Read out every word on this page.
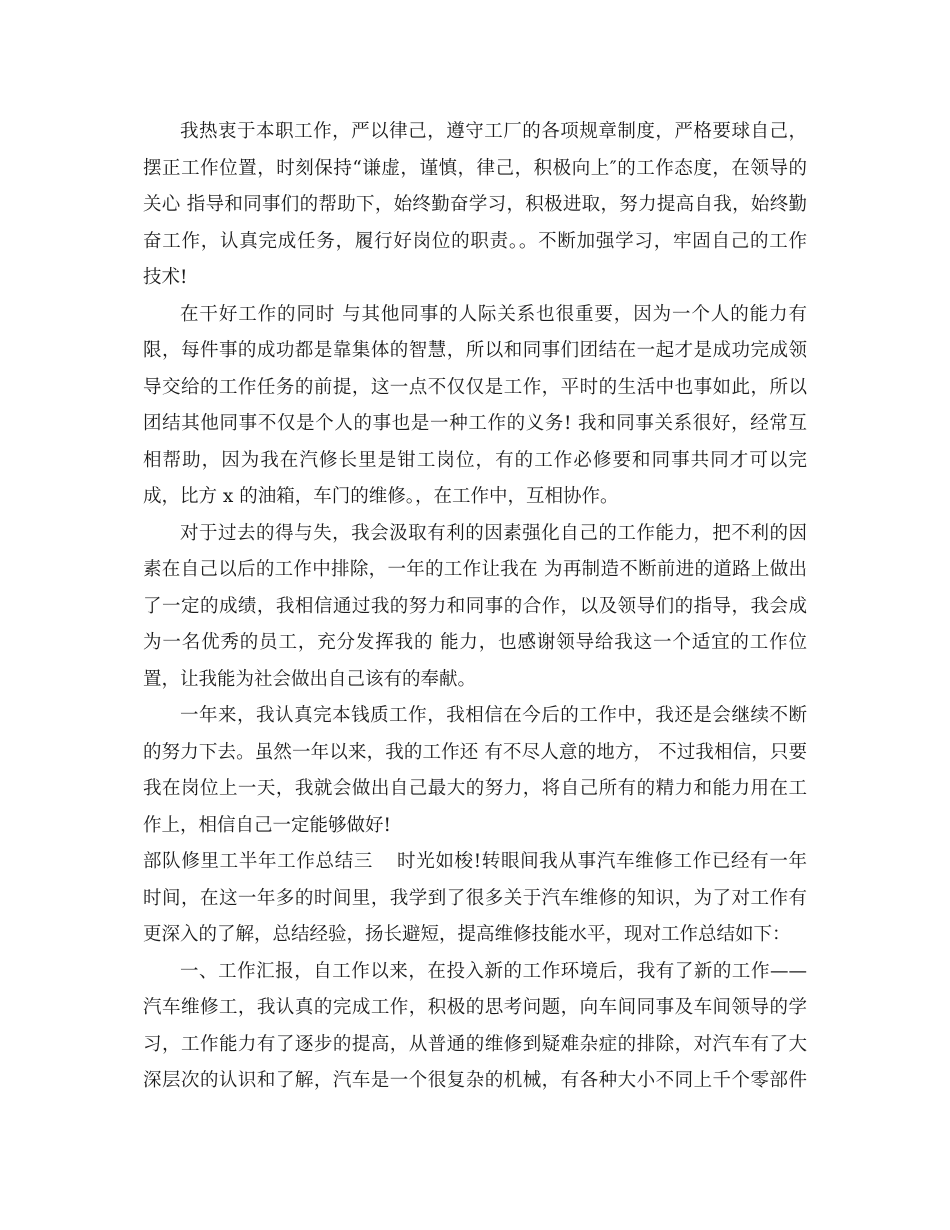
我热衷于本职工作，严以律己，遵守工厂的各项规章制度，严格要球自己，
摆正工作位置，时刻保持“谦虚，谨慎，律己，积极向上″的工作态度，在领导的
关心 指导和同事们的帮助下，始终勤奋学习，积极进取，努力提高自我，始终勤
奋工作，认真完成任务，履行好岗位的职责。。不断加强学习，牢固自己的工作
技术!
在干好工作的同时 与其他同事的人际关系也很重要，因为一个人的能力有
限，每件事的成功都是靠集体的智慧，所以和同事们团结在一起才是成功完成领
导交给的工作任务的前提，这一点不仅仅是工作，平时的生活中也事如此，所以
团结其他同事不仅是个人的事也是一种工作的义务! 我和同事关系很好，经常互
相帮助，因为我在汽修长里是钳工岗位，有的工作必修要和同事共同才可以完
成，比方 x 的油箱，车门的维修。，在工作中，互相协作。
对于过去的得与失，我会汲取有利的因素强化自己的工作能力，把不利的因
素在自己以后的工作中排除，一年的工作让我在 为再制造不断前进的道路上做出
了一定的成绩，我相信通过我的努力和同事的合作，以及领导们的指导，我会成
为一名优秀的员工，充分发挥我的 能力，也感谢领导给我这一个适宜的工作位
置，让我能为社会做出自己该有的奉献。
一年来，我认真完本钱质工作，我相信在今后的工作中，我还是会继续不断
的努力下去。虽然一年以来，我的工作还 有不尽人意的地方， 不过我相信，只要
我在岗位上一天，我就会做出自己最大的努力，将自己所有的精力和能力用在工
作上，相信自己一定能够做好!
部队修里工半年工作总结三 时光如梭!转眼间我从事汽车维修工作已经有一年
时间，在这一年多的时间里，我学到了很多关于汽车维修的知识，为了对工作有
更深入的了解，总结经验，扬长避短，提高维修技能水平，现对工作总结如下：
一、工作汇报，自工作以来，在投入新的工作环境后，我有了新的工作——
汽车维修工，我认真的完成工作，积极的思考问题，向车间同事及车间领导的学
习，工作能力有了逐步的提高，从普通的维修到疑难杂症的排除，对汽车有了大
深层次的认识和了解，汽车是一个很复杂的机械，有各种大小不同上千个零部件
